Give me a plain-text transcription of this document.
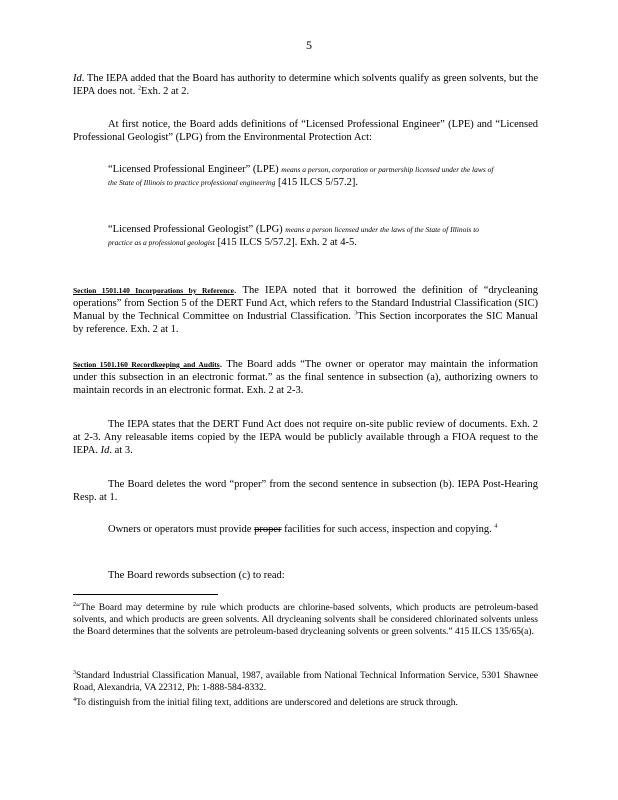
5
Id. The IEPA added that the Board has authority to determine which solvents qualify as green solvents, but the IEPA does not. $^2$Exh. 2 at 2.
At first notice, the Board adds definitions of “Licensed Professional Engineer” (LPE) and “Licensed Professional Geologist” (LPG) from the Environmental Protection Act:
“Licensed Professional Engineer” (LPE) means a person, corporation or partnership licensed under the laws of the State of Illinois to practice professional engineering [415 ILCS 5/57.2].
“Licensed Professional Geologist” (LPG) means a person licensed under the laws of the State of Illinois to practice as a professional geologist [415 ILCS 5/57.2]. Exh. 2 at 4-5.
Section 1501.140 Incorporations by Reference. The IEPA noted that it borrowed the definition of “drycleaning operations” from Section 5 of the DERT Fund Act, which refers to the Standard Industrial Classification (SIC) Manual by the Technical Committee on Industrial Classification. $^3$This Section incorporates the SIC Manual by reference. Exh. 2 at 1.
Section 1501.160 Recordkeeping and Audits. The Board adds “The owner or operator may maintain the information under this subsection in an electronic format.” as the final sentence in subsection (a), authorizing owners to maintain records in an electronic format. Exh. 2 at 2-3.
The IEPA states that the DERT Fund Act does not require on-site public review of documents. Exh. 2 at 2-3. Any releasable items copied by the IEPA would be publicly available through a FIOA request to the IEPA. Id. at 3.
The Board deletes the word “proper” from the second sentence in subsection (b). IEPA Post-Hearing Resp. at 1.
Owners or operators must provide proper facilities for such access, inspection and copying. $^4$
The Board rewords subsection (c) to read:
$^2$“The Board may determine by rule which products are chlorine-based solvents, which products are petroleum-based solvents, and which products are green solvents. All drycleaning solvents shall be considered chlorinated solvents unless the Board determines that the solvents are petroleum-based drycleaning solvents or green solvents.” 415 ILCS 135/65(a).
$^3$Standard Industrial Classification Manual, 1987, available from National Technical Information Service, 5301 Shawnee Road, Alexandria, VA 22312, Ph: 1-888-584-8332.
$^4$To distinguish from the initial filing text, additions are underscored and deletions are struck through.
